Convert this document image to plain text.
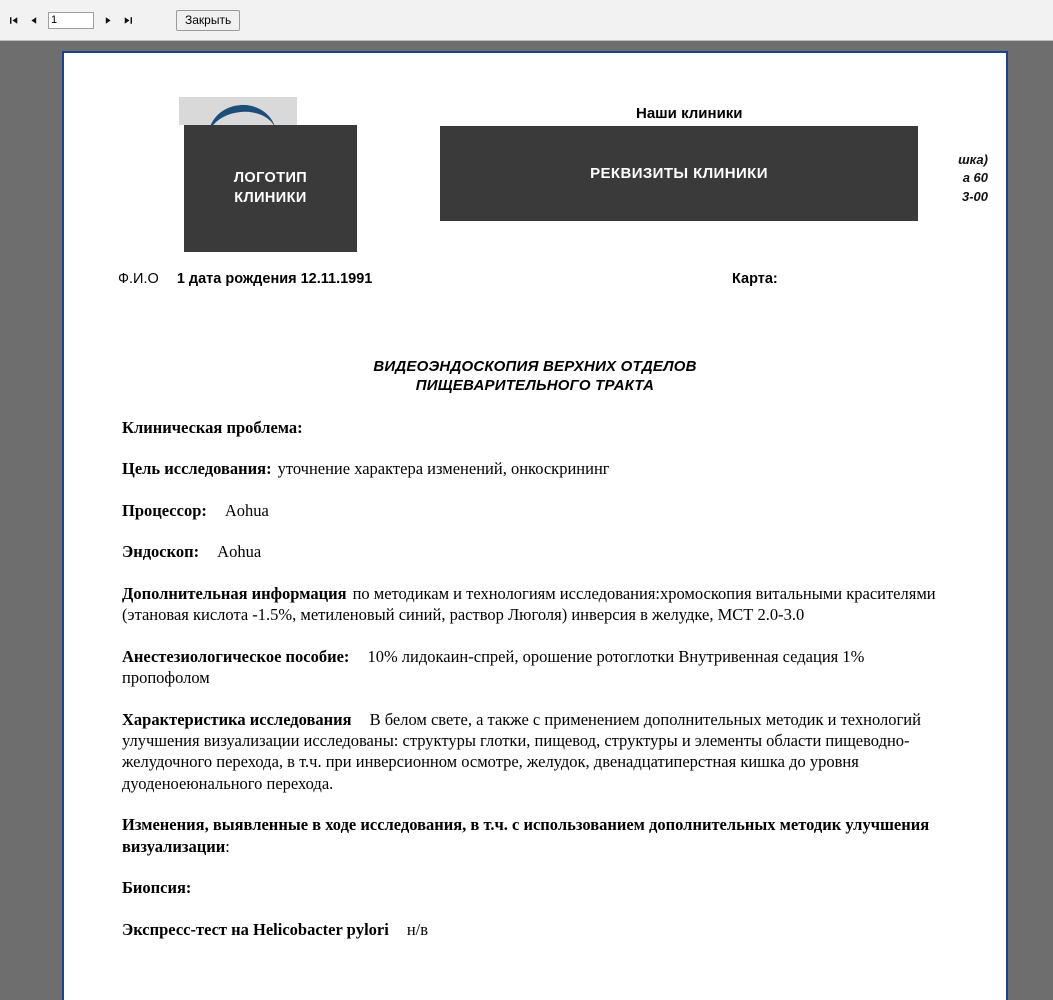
1
Закрыть
ЛОГОТИП
КЛИНИКИ
Наши клиники
РЕКВИЗИТЫ КЛИНИКИ
шка)
а 60
3-00
Ф.И.О 1 дата рождения 12.11.1991	Карта:
ВИДЕОЭНДОСКОПИЯ ВЕРХНИХ ОТДЕЛОВ
ПИЩЕВАРИТЕЛЬНОГО ТРАКТА
Клиническая проблема:
Цель исследования: уточнение характера изменений, онкоскрининг
Процессор: Aohua
Эндоскоп: Aohua
Дополнительная информация по методикам и технологиям исследования:хромоскопия витальными красителями (этановая кислота -1.5%, метиленовый синий, раствор Люголя) инверсия в желудке, МСТ 2.0-3.0
Анестезиологическое пособие: 10% лидокаин-спрей, орошение ротоглотки Внутривенная седация 1% пропофолом
Характеристика исследования В белом свете, а также с применением дополнительных методик и технологий улучшения визуализации исследованы: структуры глотки, пищевод, структуры и элементы области пищеводно-желудочного перехода, в т.ч. при инверсионном осмотре, желудок, двенадцатиперстная кишка до уровня дуоденоеюнального перехода.
Изменения, выявленные в ходе исследования, в т.ч. с использованием дополнительных методик улучшения визуализации:
Биопсия:
Экспресс-тест на Helicobacter pylori н/в
